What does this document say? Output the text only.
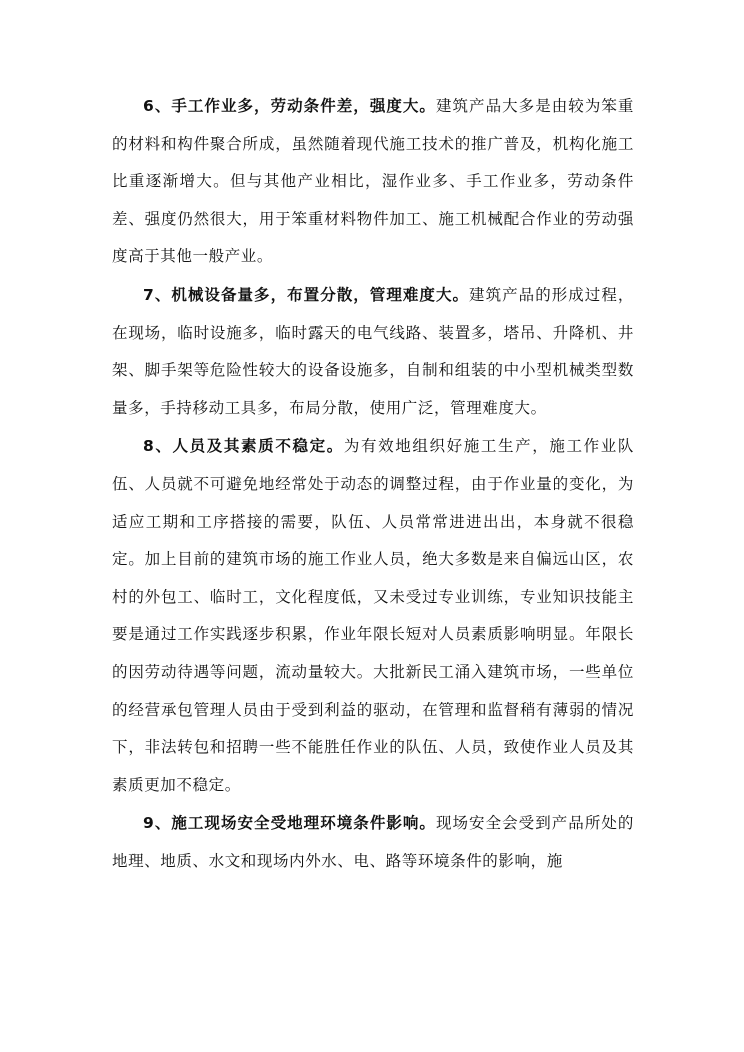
6、手工作业多，劳动条件差，强度大。建筑产品大多是由较为笨重的材料和构件聚合所成，虽然随着现代施工技术的推广普及，机构化施工比重逐渐增大。但与其他产业相比，湿作业多、手工作业多，劳动条件差、强度仍然很大，用于笨重材料物件加工、施工机械配合作业的劳动强度高于其他一般产业。

7、机械设备量多，布置分散，管理难度大。建筑产品的形成过程，在现场，临时设施多，临时露天的电气线路、装置多，塔吊、升降机、井架、脚手架等危险性较大的设备设施多，自制和组装的中小型机械类型数量多，手持移动工具多，布局分散，使用广泛，管理难度大。

8、人员及其素质不稳定。为有效地组织好施工生产，施工作业队伍、人员就不可避免地经常处于动态的调整过程，由于作业量的变化，为适应工期和工序搭接的需要，队伍、人员常常进进出出，本身就不很稳定。加上目前的建筑市场的施工作业人员，绝大多数是来自偏远山区，农村的外包工、临时工，文化程度低，又未受过专业训练，专业知识技能主要是通过工作实践逐步积累，作业年限长短对人员素质影响明显。年限长的因劳动待遇等问题，流动量较大。大批新民工涌入建筑市场，一些单位的经营承包管理人员由于受到利益的驱动，在管理和监督稍有薄弱的情况下，非法转包和招聘一些不能胜任作业的队伍、人员，致使作业人员及其素质更加不稳定。

9、施工现场安全受地理环境条件影响。现场安全会受到产品所处的地理、地质、水文和现场内外水、电、路等环境条件的影响，施
